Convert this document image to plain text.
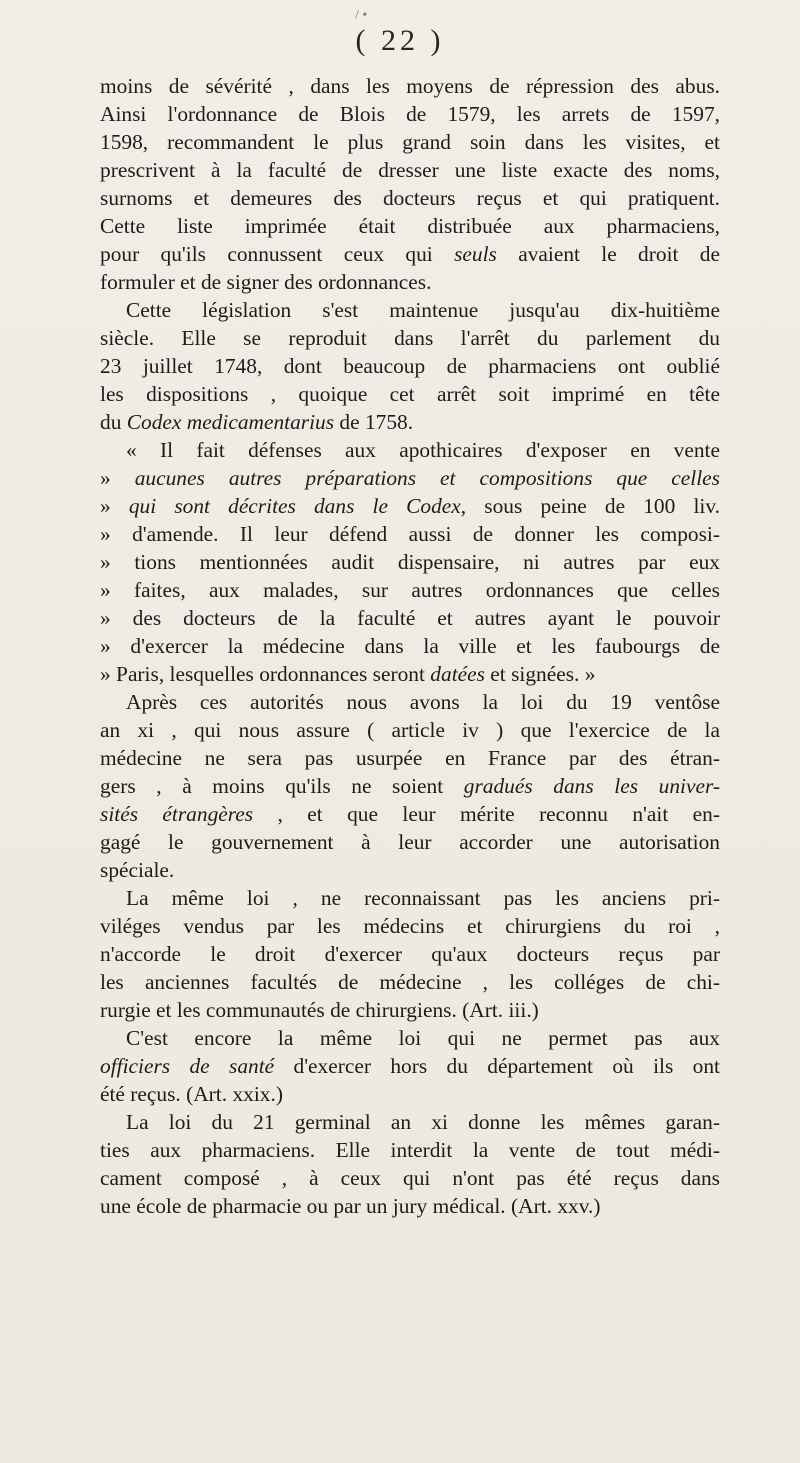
/ •
( 22 )
moins de sévérité , dans les moyens de répression des abus.
Ainsi l'ordonnance de Blois de 1579, les arrets de 1597,
1598, recommandent le plus grand soin dans les visites, et
prescrivent à la faculté de dresser une liste exacte des noms,
surnoms et demeures des docteurs reçus et qui pratiquent.
Cette liste imprimée était distribuée aux pharmaciens,
pour qu'ils connussent ceux qui seuls avaient le droit de
formuler et de signer des ordonnances.
Cette législation s'est maintenue jusqu'au dix-huitième
siècle. Elle se reproduit dans l'arrêt du parlement du
23 juillet 1748, dont beaucoup de pharmaciens ont oublié
les dispositions , quoique cet arrêt soit imprimé en tête
du Codex medicamentarius de 1758.
« Il fait défenses aux apothicaires d'exposer en vente
» aucunes autres préparations et compositions que celles
» qui sont décrites dans le Codex, sous peine de 100 liv.
» d'amende. Il leur défend aussi de donner les composi-
» tions mentionnées audit dispensaire, ni autres par eux
» faites, aux malades, sur autres ordonnances que celles
» des docteurs de la faculté et autres ayant le pouvoir
» d'exercer la médecine dans la ville et les faubourgs de
» Paris, lesquelles ordonnances seront datées et signées. »
Après ces autorités nous avons la loi du 19 ventôse
an xi , qui nous assure ( article iv ) que l'exercice de la
médecine ne sera pas usurpée en France par des étran-
gers , à moins qu'ils ne soient gradués dans les univer-
sités étrangères , et que leur mérite reconnu n'ait en-
gagé le gouvernement à leur accorder une autorisation
spéciale.
La même loi , ne reconnaissant pas les anciens pri-
viléges vendus par les médecins et chirurgiens du roi ,
n'accorde le droit d'exercer qu'aux docteurs reçus par
les anciennes facultés de médecine , les colléges de chi-
rurgie et les communautés de chirurgiens. (Art. iii.)
C'est encore la même loi qui ne permet pas aux
officiers de santé d'exercer hors du département où ils ont
été reçus. (Art. xxix.)
La loi du 21 germinal an xi donne les mêmes garan-
ties aux pharmaciens. Elle interdit la vente de tout médi-
cament composé , à ceux qui n'ont pas été reçus dans
une école de pharmacie ou par un jury médical. (Art. xxv.)
